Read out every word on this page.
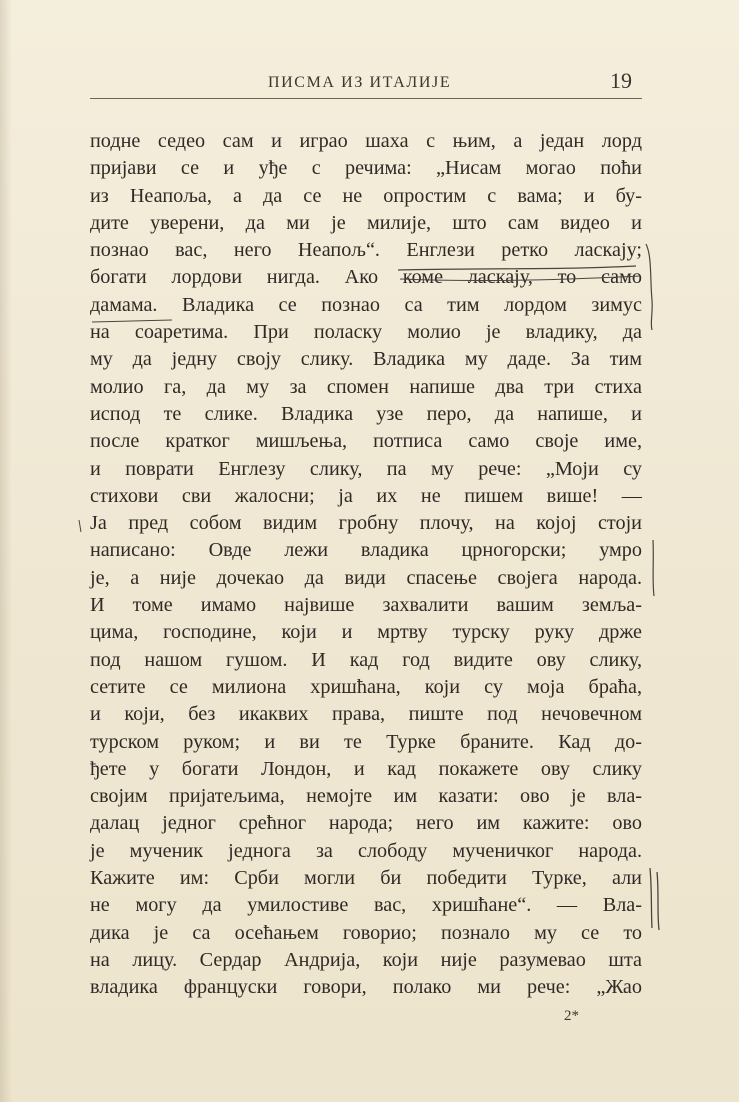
ПИСМА ИЗ ИТАЛИЈЕ	19
подне седео сам и играо шаха с њим, а један лорд
пријави се и уђе с речима: „Нисам могао поћи
из Неапоља, а да се не опростим с вама; и бу-
дите уверени, да ми је милије, што сам видео и
познао вас, него Неапољ“. Енглези ретко ласкају;
богати лордови нигда. Ако коме ласкају, то само
дамама. Владика се познао са тим лордом зимус
на соаретима. При поласку молио је владику, да
му да једну своју слику. Владика му даде. За тим
молио га, да му за спомен напише два три стиха
испод те слике. Владика узе перо, да напише, и
после кратког мишљења, потписа само своје име,
и поврати Енглезу слику, па му рече: „Моји су
стихови сви жалосни; ја их не пишем више! —
Ја пред собом видим гробну плочу, на којој стоји
написано: Овде лежи владика црногорски; умро
је, а није дочекао да види спасење својега народа.
И томе имамо највише захвалити вашим земља-
цима, господине, који и мртву турску руку држе
под нашом гушом. И кад год видите ову слику,
сетите се милиона хришћана, који су моја браћа,
и који, без икаквих права, пиште под нечовечном
турском руком; и ви те Турке браните. Кад до-
ђете у богати Лондон, и кад покажете ову слику
својим пријатељима, немојте им казати: ово је вла-
далац једног срећног народа; него им кажите: ово
је мученик једнога за слободу мученичког народа.
Кажите им: Срби могли би победити Турке, али
не могу да умилостиве вас, хришћане“. — Вла-
дика је са осећањем говорио; познало му се то
на лицу. Сердар Андрија, који није разумевао шта
владика француски говори, полако ми рече: „Жао
2*
